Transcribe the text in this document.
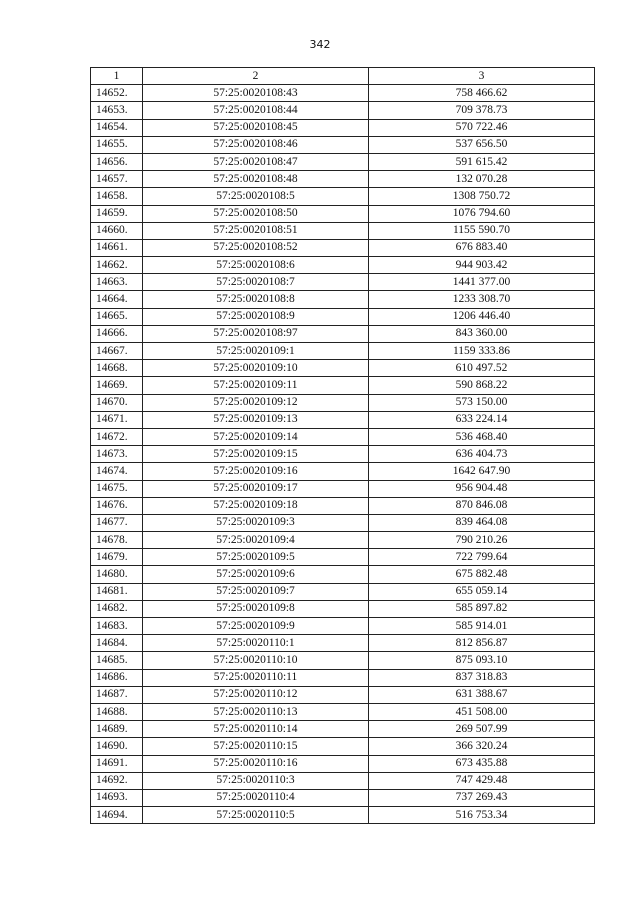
342
1	2	3
14652.	57:25:0020108:43	758 466.62
14653.	57:25:0020108:44	709 378.73
14654.	57:25:0020108:45	570 722.46
14655.	57:25:0020108:46	537 656.50
14656.	57:25:0020108:47	591 615.42
14657.	57:25:0020108:48	132 070.28
14658.	57:25:0020108:5	1308 750.72
14659.	57:25:0020108:50	1076 794.60
14660.	57:25:0020108:51	1155 590.70
14661.	57:25:0020108:52	676 883.40
14662.	57:25:0020108:6	944 903.42
14663.	57:25:0020108:7	1441 377.00
14664.	57:25:0020108:8	1233 308.70
14665.	57:25:0020108:9	1206 446.40
14666.	57:25:0020108:97	843 360.00
14667.	57:25:0020109:1	1159 333.86
14668.	57:25:0020109:10	610 497.52
14669.	57:25:0020109:11	590 868.22
14670.	57:25:0020109:12	573 150.00
14671.	57:25:0020109:13	633 224.14
14672.	57:25:0020109:14	536 468.40
14673.	57:25:0020109:15	636 404.73
14674.	57:25:0020109:16	1642 647.90
14675.	57:25:0020109:17	956 904.48
14676.	57:25:0020109:18	870 846.08
14677.	57:25:0020109:3	839 464.08
14678.	57:25:0020109:4	790 210.26
14679.	57:25:0020109:5	722 799.64
14680.	57:25:0020109:6	675 882.48
14681.	57:25:0020109:7	655 059.14
14682.	57:25:0020109:8	585 897.82
14683.	57:25:0020109:9	585 914.01
14684.	57:25:0020110:1	812 856.87
14685.	57:25:0020110:10	875 093.10
14686.	57:25:0020110:11	837 318.83
14687.	57:25:0020110:12	631 388.67
14688.	57:25:0020110:13	451 508.00
14689.	57:25:0020110:14	269 507.99
14690.	57:25:0020110:15	366 320.24
14691.	57:25:0020110:16	673 435.88
14692.	57:25:0020110:3	747 429.48
14693.	57:25:0020110:4	737 269.43
14694.	57:25:0020110:5	516 753.34
